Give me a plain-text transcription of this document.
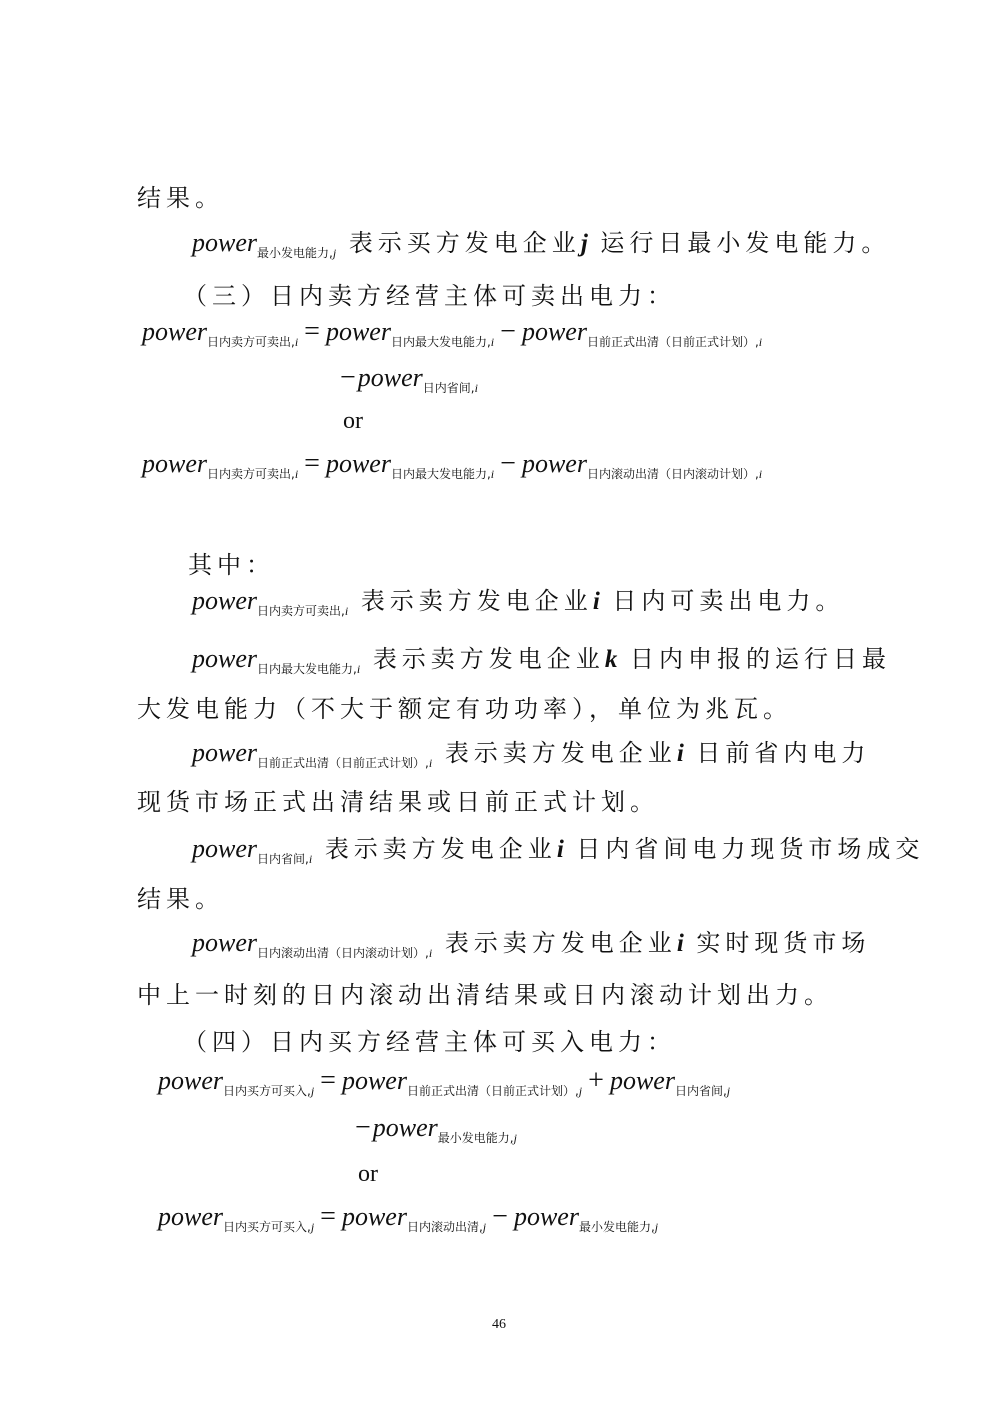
结果。
power$_{最小发电能力,j}$ 表示买方发电企业j 运行日最小发电能力。
（三）日内卖方经营主体可卖出电力：
power$_{日内卖方可卖出,i}$ = power$_{日内最大发电能力,i}$ − power$_{日前正式出清(日前正式计划),i}$
−power$_{日内省间,i}$
or
power$_{日内卖方可卖出,i}$ = power$_{日内最大发电能力,i}$ − power$_{日内滚动出清(日内滚动计划),i}$
其中：
power$_{日内卖方可卖出,i}$ 表示卖方发电企业i 日内可卖出电力。
power$_{日内最大发电能力,i}$ 表示卖方发电企业k 日内申报的运行日最
大发电能力（不大于额定有功功率），单位为兆瓦。
power$_{日前正式出清(日前正式计划),i}$ 表示卖方发电企业i 日前省内电力
现货市场正式出清结果或日前正式计划。
power$_{日内省间,i}$ 表示卖方发电企业i 日内省间电力现货市场成交
结果。
power$_{日内滚动出清(日内滚动计划),i}$ 表示卖方发电企业i 实时现货市场
中上一时刻的日内滚动出清结果或日内滚动计划出力。
（四）日内买方经营主体可买入电力：
power$_{日内买方可买入,j}$ = power$_{日前正式出清(日前正式计划),j}$ + power$_{日内省间,j}$
−power$_{最小发电能力,j}$
or
power$_{日内买方可买入,j}$ = power$_{日内滚动出清,j}$ − power$_{最小发电能力,j}$
46
